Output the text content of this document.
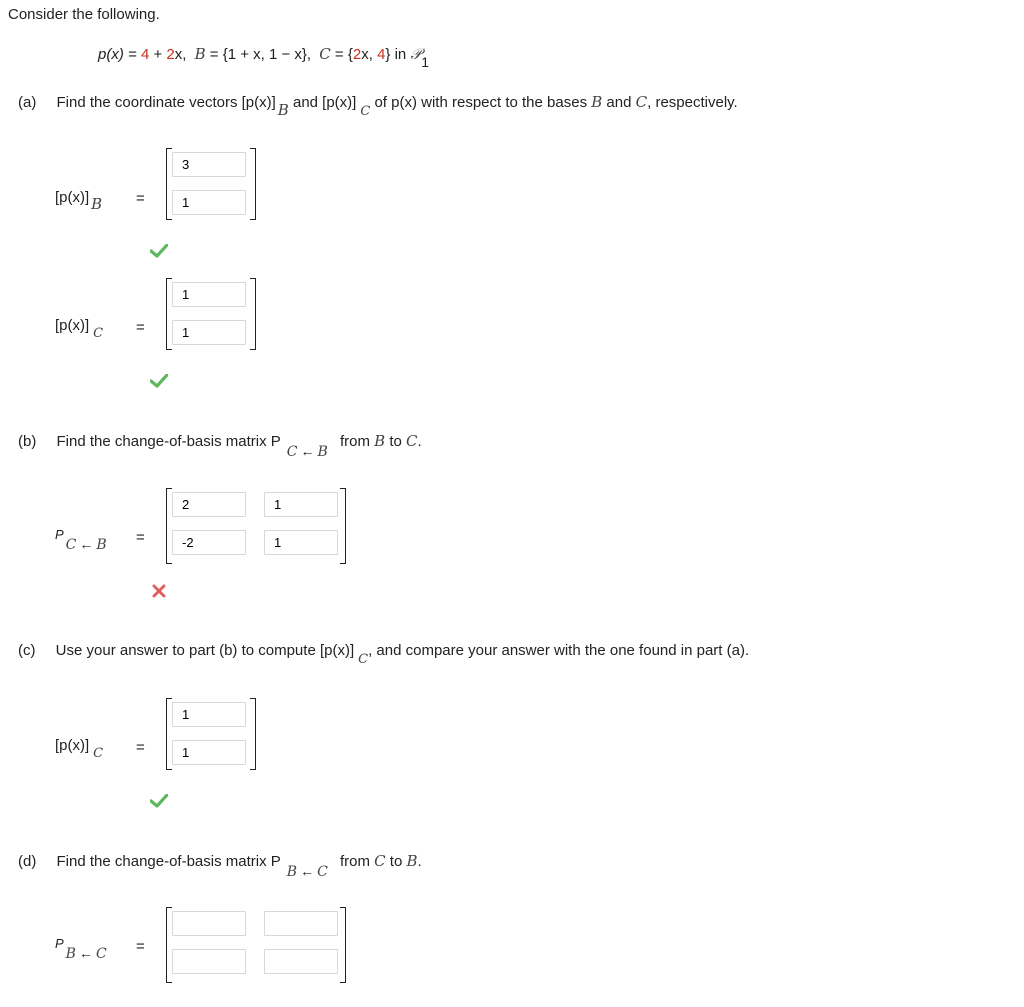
Consider the following.
p(x) = 4 + 2x, B = {1 + x, 1 − x}, C = {2x, 4} in 𝒫1
(a) Find the coordinate vectors [p(x)] B and [p(x)]C of p(x) with respect to the bases B and C, respectively.
[p(x)] B =
3
1
[p(x)] C =
1
1
(b) Find the change-of-basis matrix PC ← B from B to C.
PC ← B =
2
1
-2
1
(c) Use your answer to part (b) to compute [p(x)]C, and compare your answer with the one found in part (a).
[p(x)] C =
1
1
(d) Find the change-of-basis matrix PB ← C from C to B.
PB ← C =
